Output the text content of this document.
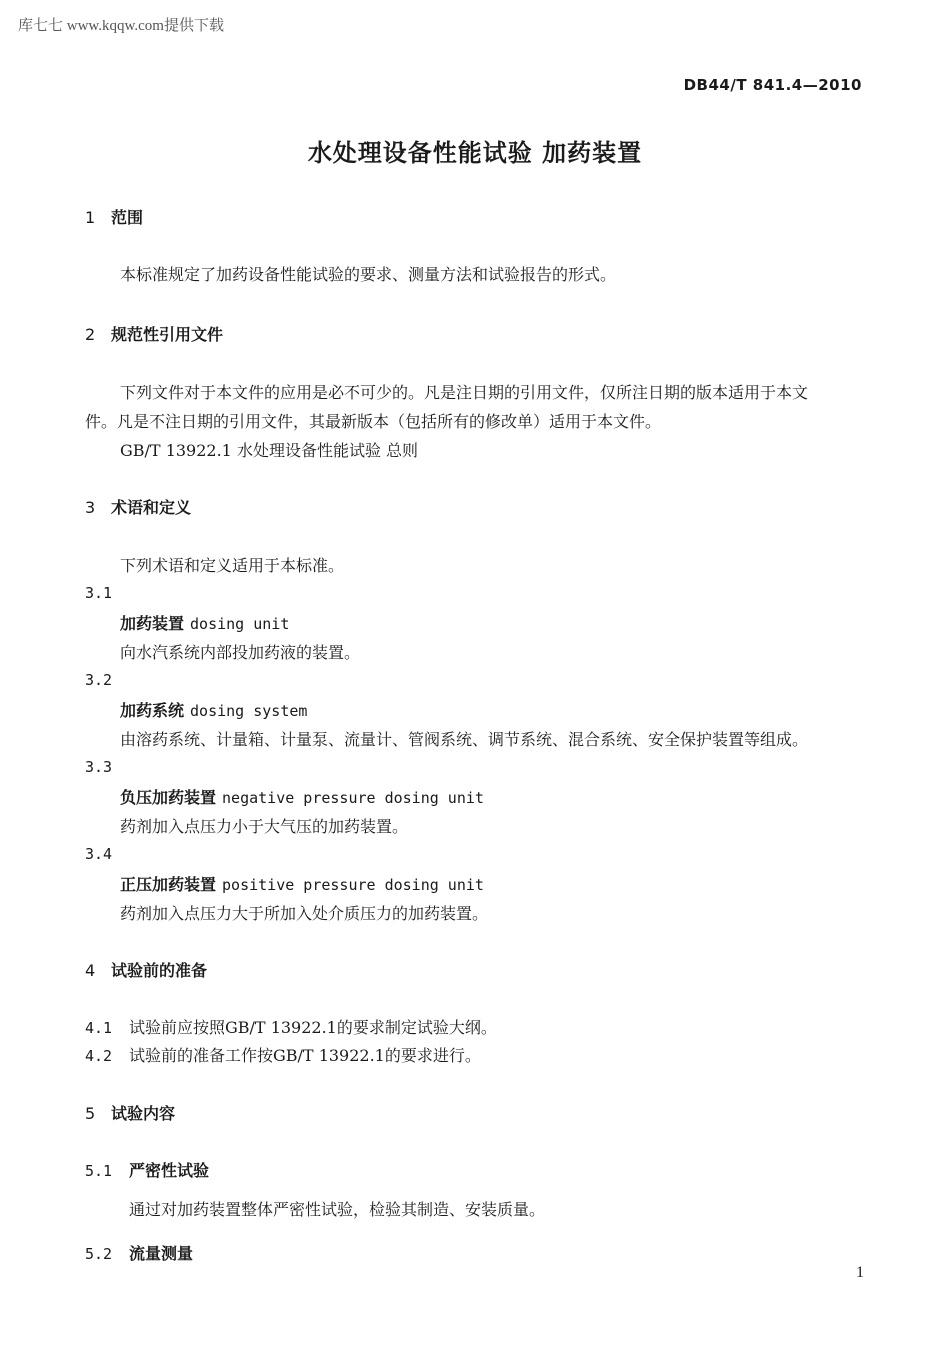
库七七 www.kqqw.com提供下载
DB44/T 841.4—2010
水处理设备性能试验 加药装置
1 范围
本标准规定了加药设备性能试验的要求、测量方法和试验报告的形式。
2 规范性引用文件
下列文件对于本文件的应用是必不可少的。凡是注日期的引用文件，仅所注日期的版本适用于本文
件。凡是不注日期的引用文件，其最新版本（包括所有的修改单）适用于本文件。
GB/T 13922.1 水处理设备性能试验 总则
3 术语和定义
下列术语和定义适用于本标准。
3.1
加药装置 dosing unit
向水汽系统内部投加药液的装置。
3.2
加药系统 dosing system
由溶药系统、计量箱、计量泵、流量计、管阀系统、调节系统、混合系统、安全保护装置等组成。
3.3
负压加药装置 negative pressure dosing unit
药剂加入点压力小于大气压的加药装置。
3.4
正压加药装置 positive pressure dosing unit
药剂加入点压力大于所加入处介质压力的加药装置。
4 试验前的准备
4.1 试验前应按照GB/T 13922.1的要求制定试验大纲。
4.2 试验前的准备工作按GB/T 13922.1的要求进行。
5 试验内容
5.1 严密性试验
通过对加药装置整体严密性试验，检验其制造、安装质量。
5.2 流量测量
1
